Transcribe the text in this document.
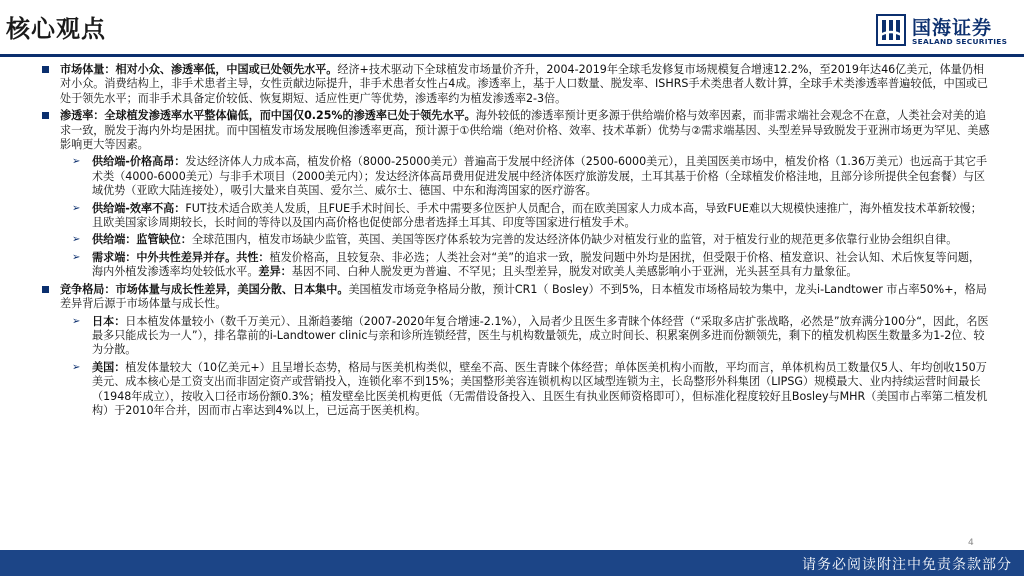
核心观点	国海证券
SEALAND SECURITIES
市场体量：相对小众、渗透率低，中国或已处领先水平。经济+技术驱动下全球植发市场量价齐升，2004-2019年全球毛发修复市场规模复合增速12.2%，至2019年达46亿美元，体量仍相对小众。消费结构上，非手术患者主导，女性贡献边际提升，非手术患者女性占4成。渗透率上，基于人口数量、脱发率、ISHRS手术类患者人数计算，全球手术类渗透率普遍较低，中国或已处于领先水平；而非手术具备定价较低、恢复期短、适应性更广等优势，渗透率约为植发渗透率2-3倍。
渗透率：全球植发渗透率水平整体偏低，而中国仅0.25%的渗透率已处于领先水平。海外较低的渗透率预计更多源于供给端价格与效率因素，而非需求端社会观念不在意，人类社会对美的追求一致，脱发于海内外均是困扰。而中国植发市场发展晚但渗透率更高，预计源于①供给端（绝对价格、效率、技术革新）优势与②需求端基因、头型差异导致脱发于亚洲市场更为罕见、美感影响更大等因素。
➢ 供给端-价格高昂：发达经济体人力成本高，植发价格（8000-25000美元）普遍高于发展中经济体（2500-6000美元），且美国医美市场中，植发价格（1.36万美元）也远高于其它手术类（4000-6000美元）与非手术项目（2000美元内）；发达经济体高昂费用促进发展中经济体医疗旅游发展，土耳其基于价格（全球植发价格洼地，且部分诊所提供全包套餐）与区域优势（亚欧大陆连接处），吸引大量来自英国、爱尔兰、威尔士、德国、中东和海湾国家的医疗游客。
➢ 供给端-效率不高：FUT技术适合欧美人发质，且FUE手术时间长、手术中需要多位医护人员配合，而在欧美国家人力成本高，导致FUE难以大规模快速推广，海外植发技术革新较慢；且欧美国家诊周期较长，长时间的等待以及国内高价格也促使部分患者选择土耳其、印度等国家进行植发手术。
➢ 供给端：监管缺位：全球范围内，植发市场缺少监管，英国、美国等医疗体系较为完善的发达经济体仍缺少对植发行业的监管，对于植发行业的规范更多依靠行业协会组织自律。
➢ 需求端：中外共性差异并存。共性：植发价格高，且较复杂、非必选；人类社会对“美”的追求一致，脱发问题中外均是困扰，但受限于价格、植发意识、社会认知、术后恢复等问题，海内外植发渗透率均处较低水平。差异：基因不同、白种人脱发更为普遍、不罕见；且头型差异，脱发对欧美人美感影响小于亚洲，光头甚至具有力量象征。
竞争格局：市场体量与成长性差异，美国分散、日本集中。美国植发市场竞争格局分散，预计CR1（ Bosley）不到5%，日本植发市场格局较为集中，龙头i-Landtower 市占率50%+，格局差异背后源于市场体量与成长性。
➢ 日本：日本植发体量较小（数千万美元）、且渐趋萎缩（2007-2020年复合增速-2.1%），入局者少且医生多青睐个体经营（“采取多店扩张战略，必然是”放弃满分100分“，因此，名医最多只能成长为一人”），排名靠前的i-Landtower clinic与亲和诊所连锁经营，医生与机构数量领先，成立时间长、积累案例多进而份额领先，剩下的植发机构医生数量多为1-2位、较为分散。
➢ 美国：植发体量较大（10亿美元+）且呈增长态势，格局与医美机构类似，壁垒不高、医生青睐个体经营；单体医美机构小而散，平均而言，单体机构员工数量仅5人、年均创收150万美元、成本核心是工资支出而非固定资产或营销投入，连锁化率不到15%；美国整形美容连锁机构以区域型连锁为主，长岛整形外科集团（LIPSG）规模最大、业内持续运营时间最长（1948年成立），按收入口径市场份额0.3%；植发壁垒比医美机构更低（无需借设备投入、且医生有执业医师资格即可），但标准化程度较好且Bosley与MHR（美国市占率第二植发机构）于2010年合并，因而市占率达到4%以上，已远高于医美机构。
4
请务必阅读附注中免责条款部分
